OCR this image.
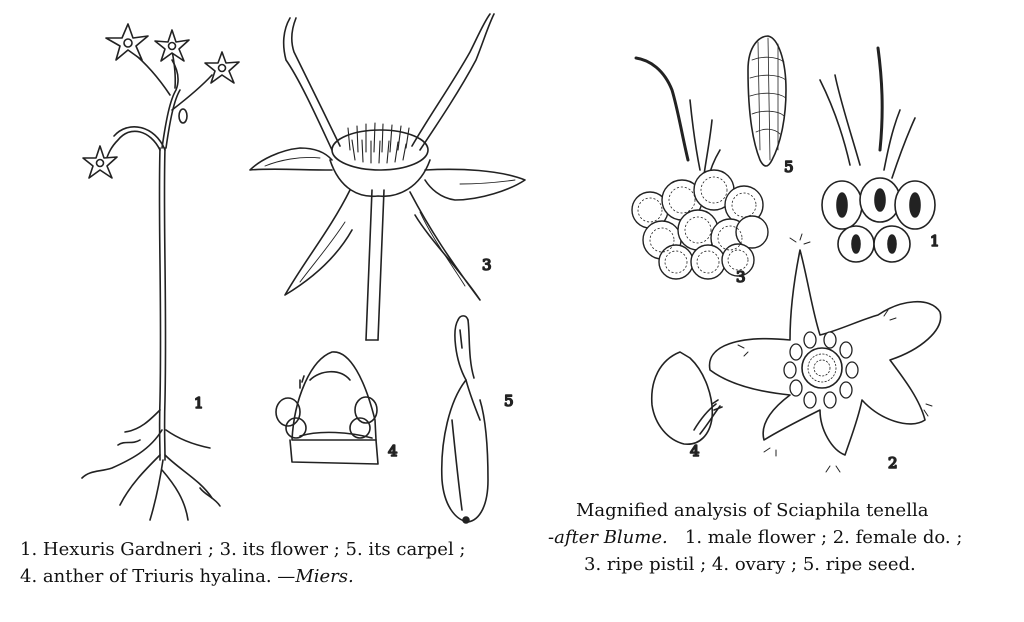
1
3
4
5
3
5
1
2
4
1. Hexuris Gardneri ; 3. its flower ; 5. its carpel ;
4. anther of Triuris hyalina. —Miers.
Magnified analysis of Sciaphila tenella
-after Blume. 1. male flower ; 2. female do. ;
3. ripe pistil ; 4. ovary ; 5. ripe seed.
